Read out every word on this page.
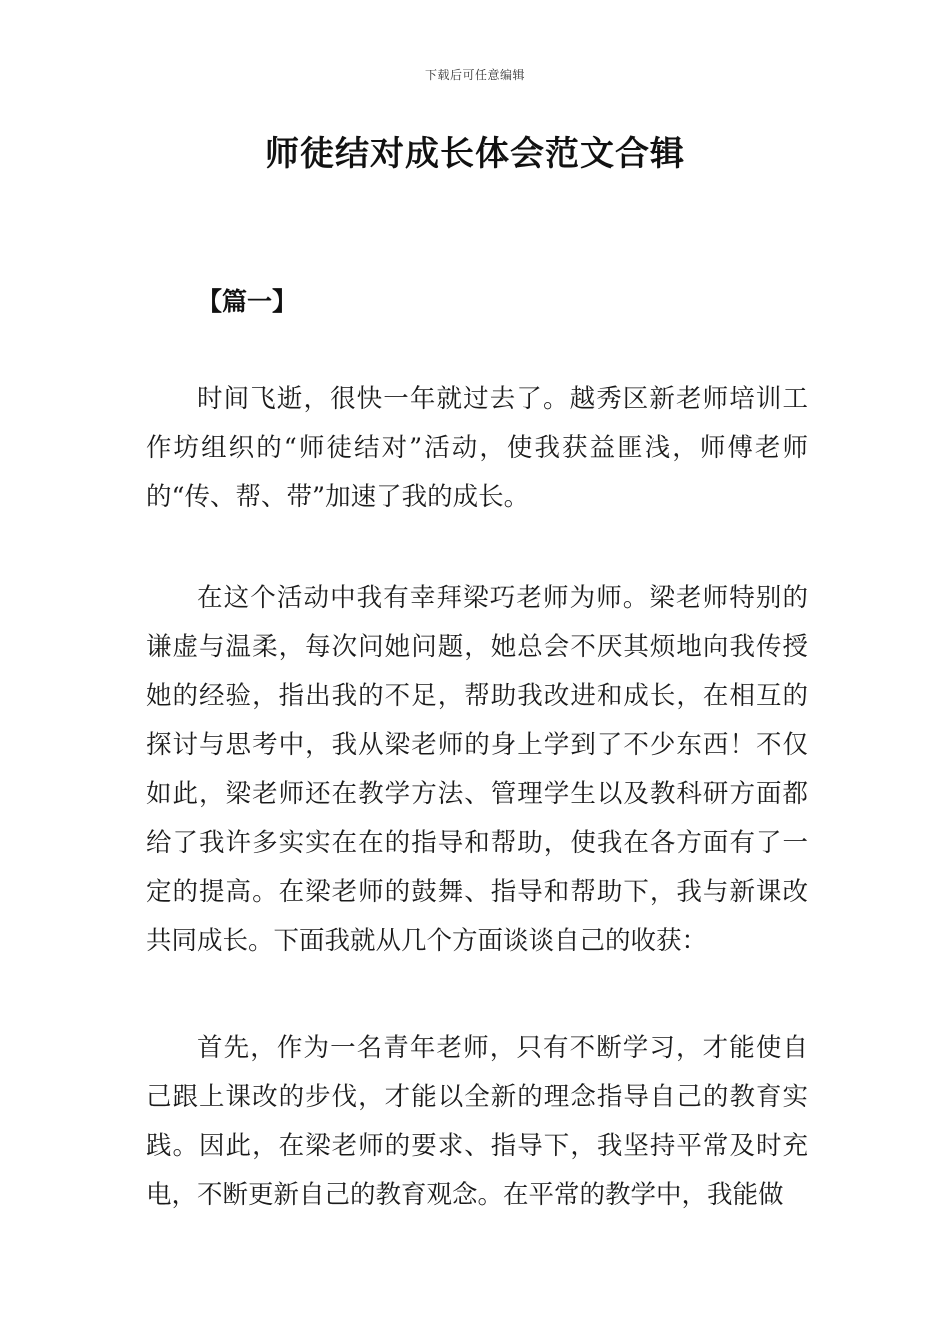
下载后可任意编辑
师徒结对成长体会范文合辑
【篇一】

时间飞逝，很快一年就过去了。越秀区新老师培训工作坊组织的“师徒结对”活动，使我获益匪浅，师傅老师的“传、帮、带”加速了我的成长。

在这个活动中我有幸拜梁巧老师为师。梁老师特别的谦虚与温柔，每次问她问题，她总会不厌其烦地向我传授她的经验，指出我的不足，帮助我改进和成长，在相互的探讨与思考中，我从梁老师的身上学到了不少东西！不仅如此，梁老师还在教学方法、管理学生以及教科研方面都给了我许多实实在在的指导和帮助，使我在各方面有了一定的提高。在梁老师的鼓舞、指导和帮助下，我与新课改共同成长。下面我就从几个方面谈谈自己的收获：

首先，作为一名青年老师，只有不断学习，才能使自己跟上课改的步伐，才能以全新的理念指导自己的教育实践。因此，在梁老师的要求、指导下，我坚持平常及时充电，不断更新自己的教育观念。在平常的教学中，我能做
